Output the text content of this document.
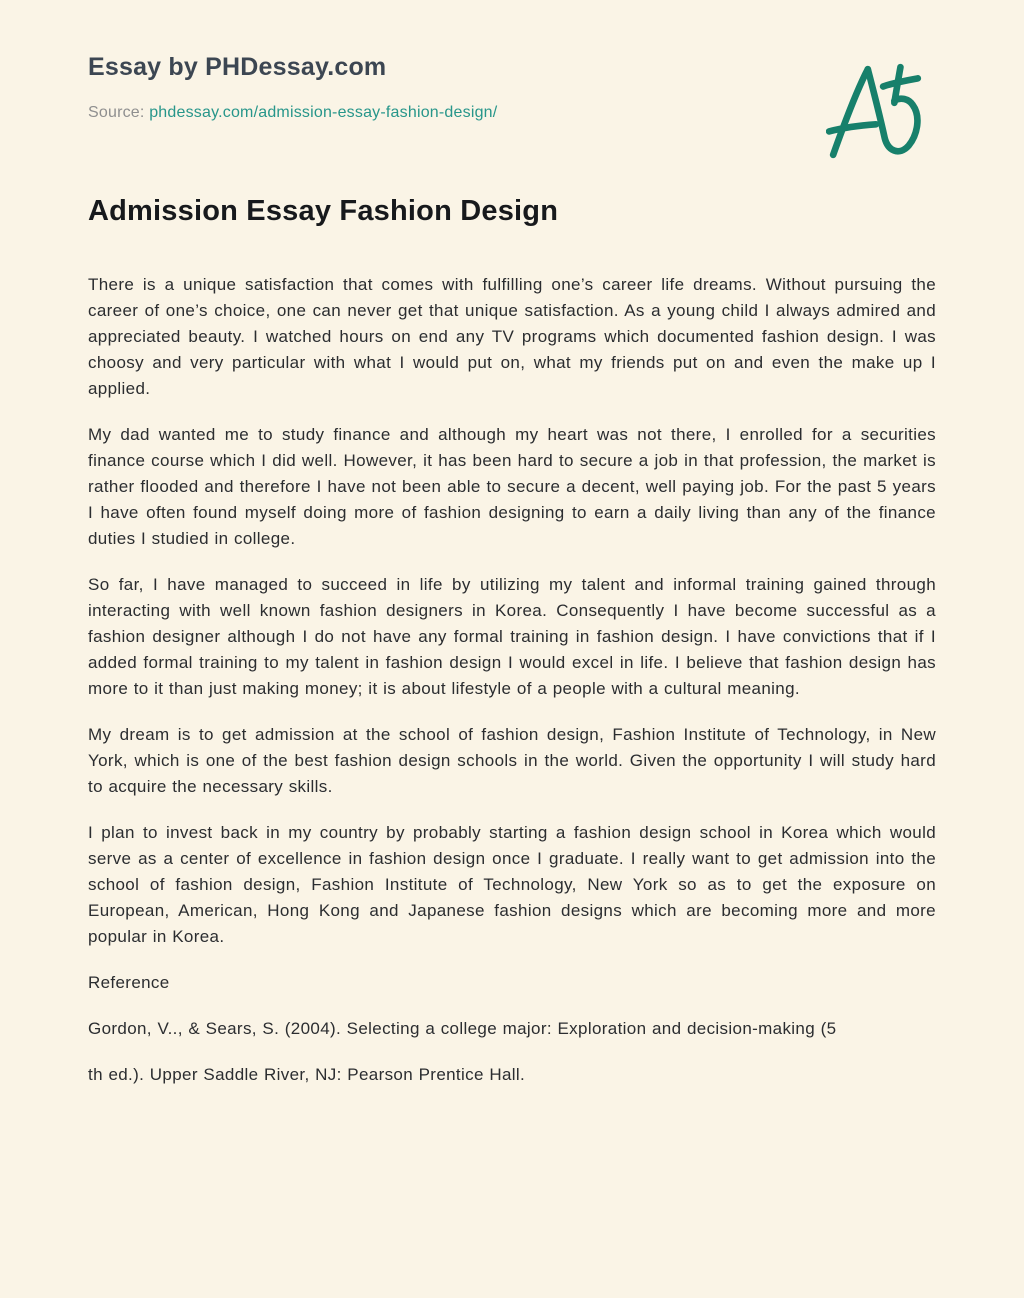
Essay by PHDessay.com
Source: phdessay.com/admission-essay-fashion-design/
Admission Essay Fashion Design

There is a unique satisfaction that comes with fulfilling one’s career life dreams. Without pursuing the career of one’s choice, one can never get that unique satisfaction. As a young child I always admired and appreciated beauty. I watched hours on end any TV programs which documented fashion design. I was choosy and very particular with what I would put on, what my friends put on and even the make up I applied.

My dad wanted me to study finance and although my heart was not there, I enrolled for a securities finance course which I did well. However, it has been hard to secure a job in that profession, the market is rather flooded and therefore I have not been able to secure a decent, well paying job. For the past 5 years I have often found myself doing more of fashion designing to earn a daily living than any of the finance duties I studied in college.

So far, I have managed to succeed in life by utilizing my talent and informal training gained through interacting with well known fashion designers in Korea. Consequently I have become successful as a fashion designer although I do not have any formal training in fashion design. I have convictions that if I added formal training to my talent in fashion design I would excel in life. I believe that fashion design has more to it than just making money; it is about lifestyle of a people with a cultural meaning.

My dream is to get admission at the school of fashion design, Fashion Institute of Technology, in New York, which is one of the best fashion design schools in the world. Given the opportunity I will study hard to acquire the necessary skills.

I plan to invest back in my country by probably starting a fashion design school in Korea which would serve as a center of excellence in fashion design once I graduate. I really want to get admission into the school of fashion design, Fashion Institute of Technology, New York so as to get the exposure on European, American, Hong Kong and Japanese fashion designs which are becoming more and more popular in Korea.

Reference

Gordon, V.., & Sears, S. (2004). Selecting a college major: Exploration and decision-making (5

th ed.). Upper Saddle River, NJ: Pearson Prentice Hall.
